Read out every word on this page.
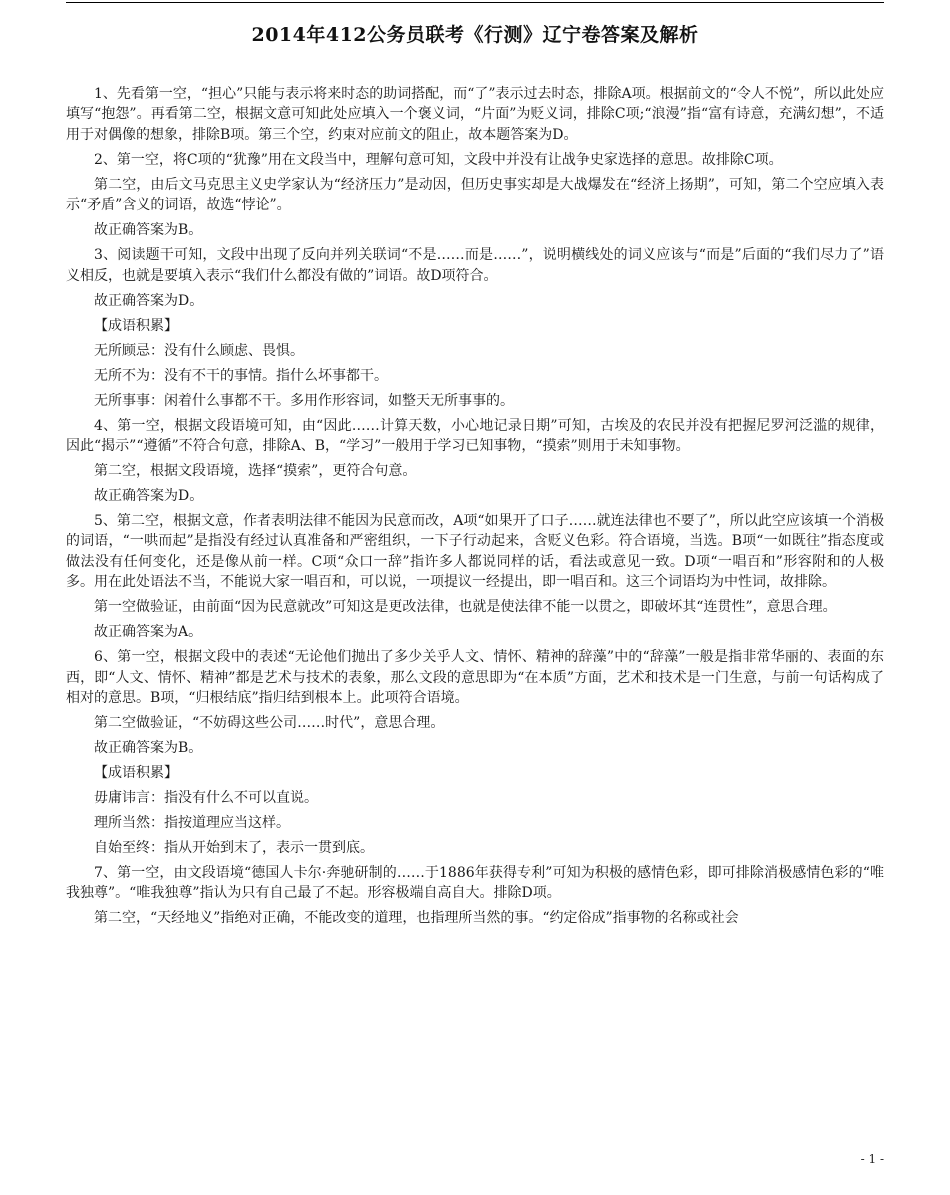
2014年412公务员联考《行测》辽宁卷答案及解析

1、先看第一空，“担心”只能与表示将来时态的助词搭配，而“了”表示过去时态，排除A项。根据前文的“令人不悦”，所以此处应填写“抱怨”。再看第二空，根据文意可知此处应填入一个褒义词，“片面”为贬义词，排除C项;“浪漫”指“富有诗意，充满幻想”，不适用于对偶像的想象，排除B项。第三个空，约束对应前文的阻止，故本题答案为D。

2、第一空，将C项的“犹豫”用在文段当中，理解句意可知，文段中并没有让战争史家选择的意思。故排除C项。

第二空，由后文马克思主义史学家认为“经济压力”是动因，但历史事实却是大战爆发在“经济上扬期”，可知，第二个空应填入表示“矛盾”含义的词语，故选“悖论”。

故正确答案为B。

3、阅读题干可知，文段中出现了反向并列关联词“不是……而是……”，说明横线处的词义应该与“而是”后面的“我们尽力了”语义相反，也就是要填入表示“我们什么都没有做的”词语。故D项符合。

故正确答案为D。

【成语积累】

无所顾忌：没有什么顾虑、畏惧。

无所不为：没有不干的事情。指什么坏事都干。

无所事事：闲着什么事都不干。多用作形容词，如整天无所事事的。

4、第一空，根据文段语境可知，由“因此……计算天数，小心地记录日期”可知，古埃及的农民并没有把握尼罗河泛滥的规律，因此“揭示”“遵循”不符合句意，排除A、B，“学习”一般用于学习已知事物，“摸索”则用于未知事物。

第二空，根据文段语境，选择“摸索”，更符合句意。

故正确答案为D。

5、第二空，根据文意，作者表明法律不能因为民意而改，A项“如果开了口子……就连法律也不要了”，所以此空应该填一个消极的词语，“一哄而起”是指没有经过认真准备和严密组织，一下子行动起来，含贬义色彩。符合语境，当选。B项“一如既往”指态度或做法没有任何变化，还是像从前一样。C项“众口一辞”指许多人都说同样的话，看法或意见一致。D项“一唱百和”形容附和的人极多。用在此处语法不当，不能说大家一唱百和，可以说，一项提议一经提出，即一唱百和。这三个词语均为中性词，故排除。

第一空做验证，由前面“因为民意就改”可知这是更改法律，也就是使法律不能一以贯之，即破坏其“连贯性”，意思合理。

故正确答案为A。

6、第一空，根据文段中的表述“无论他们抛出了多少关乎人文、情怀、精神的辞藻”中的“辞藻”一般是指非常华丽的、表面的东西，即“人文、情怀、精神”都是艺术与技术的表象，那么文段的意思即为“在本质”方面，艺术和技术是一门生意，与前一句话构成了相对的意思。B项，“归根结底”指归结到根本上。此项符合语境。

第二空做验证，“不妨碍这些公司……时代”，意思合理。

故正确答案为B。

【成语积累】

毋庸讳言：指没有什么不可以直说。

理所当然：指按道理应当这样。

自始至终：指从开始到末了，表示一贯到底。

7、第一空，由文段语境“德国人卡尔·奔驰研制的……于1886年获得专利”可知为积极的感情色彩，即可排除消极感情色彩的“唯我独尊”。“唯我独尊”指认为只有自己最了不起。形容极端自高自大。排除D项。

第二空，“天经地义”指绝对正确，不能改变的道理，也指理所当然的事。“约定俗成”指事物的名称或社会

- 1 -
